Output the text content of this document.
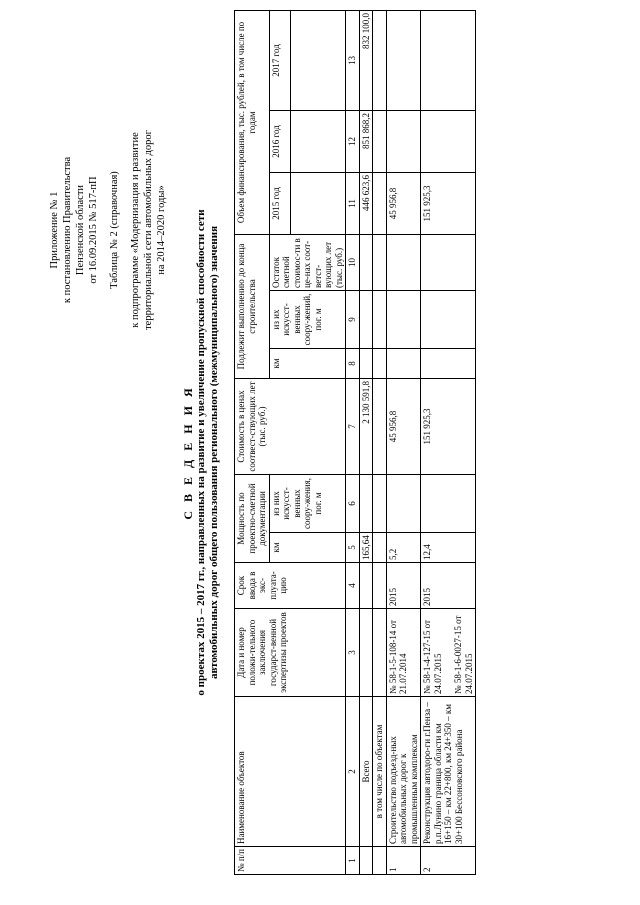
Приложение № 1 к постановлению Правительства Пензенской области от 16.09.2015 № 517-пП Таблица № 2 (справочная) к подпрограмме «Модернизация и развитие территориальной сети автомобильных дорог на 2014–2020 годы»
С В Е Д Е Н И Я о проектах 2015 – 2017 гг., направленных на развитие и увеличение пропускной способности сети автомобильных дорог общего пользования регионального (межмуниципального) значения
№ п/п	Наименование объектов	Дата и номер положи-тельного заключения государст-венной экспертизы проектов	Срок ввода в экс-плуата-цию	Мощность по проектно-сметной документации		Стоимость в ценах соотвест-ствующих лет (тыс. руб.)	Подлежит выполнению до конца строительства			Объем финансирования, тыс. рублей, в том числе по годам		
				км	из них искусст-венных соору-жения, пог. м		км	из их искусст-венных соору-жений, пог. м	Остаток сметной стоимос-ти в це-нах соот-ветст-вующих лет (тыс. руб.)	2015 год	2016 год	2017 год

1	2	3	4	5	6	7	8	9	10	11	12	13
	Всего			165,64		2 130 591,8				446 623,6	851 868,2	832 100,0
	в том числе по объектам											
1	Строительство подъезд-ных автомобильных дорог к промышленным комплексам	№ 58-1-5-108-14 от 21.07.2014	2015	5,2		45 956,8				45 956,8		
2	Реконструкция автодоро-ги г.Пенза – р.п.Лунино граница области км 16+150 – км 22+800, км 24+350 – км 30+100 Бессоновского района	№ 58-1-4-127-15 от 24.07.2015 № 58-1-6-0027-15 от 24.07.2015	2015	12,4		151 925,3				151 925,3		
